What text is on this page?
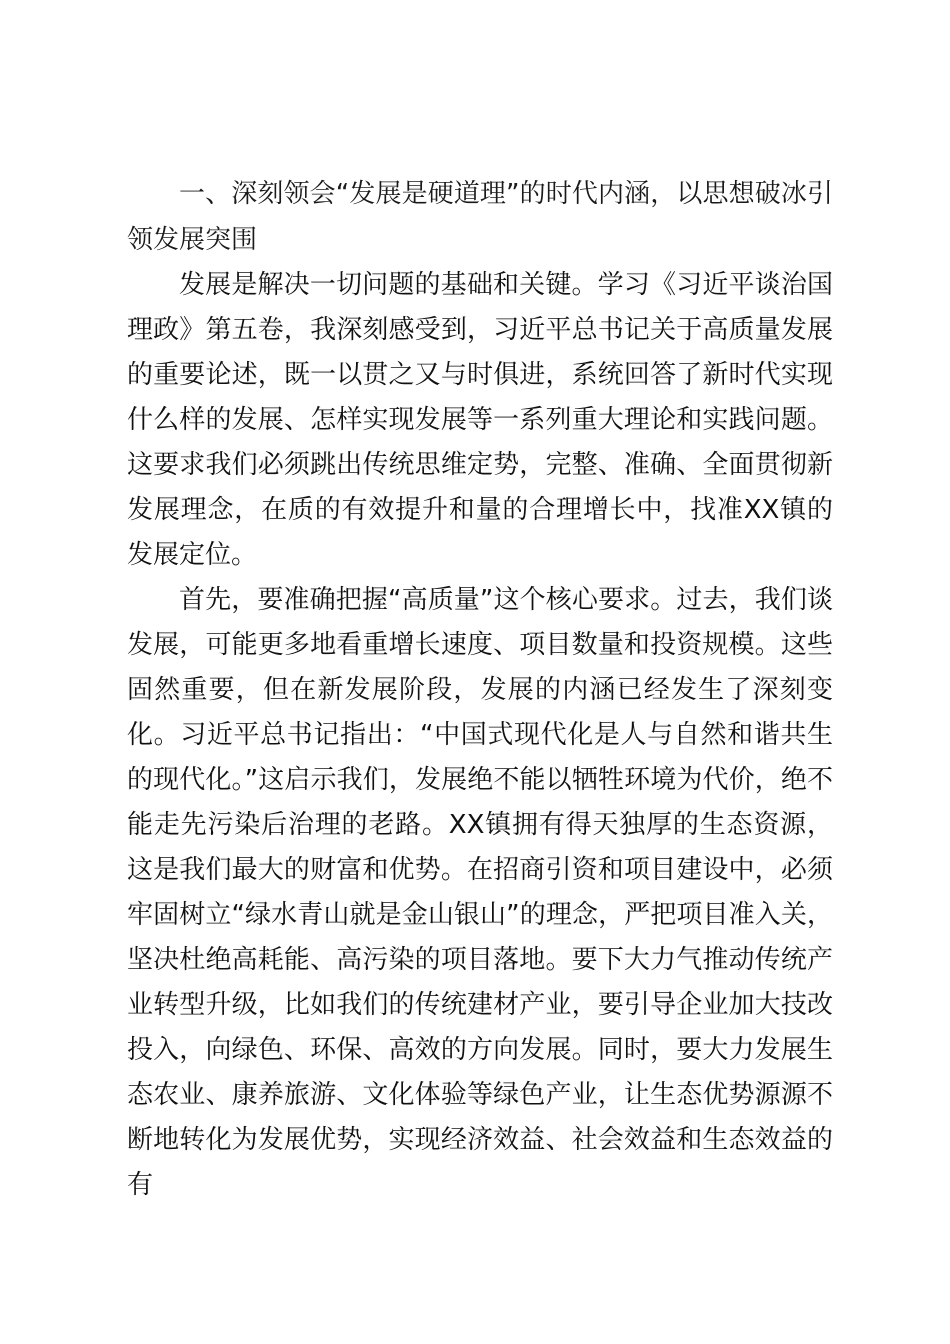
一、深刻领会“发展是硬道理”的时代内涵，以思想破冰引领发展突围

发展是解决一切问题的基础和关键。学习《习近平谈治国理政》第五卷，我深刻感受到，习近平总书记关于高质量发展的重要论述，既一以贯之又与时俱进，系统回答了新时代实现什么样的发展、怎样实现发展等一系列重大理论和实践问题。这要求我们必须跳出传统思维定势，完整、准确、全面贯彻新发展理念，在质的有效提升和量的合理增长中，找准XX镇的发展定位。

首先，要准确把握“高质量”这个核心要求。过去，我们谈发展，可能更多地看重增长速度、项目数量和投资规模。这些固然重要，但在新发展阶段，发展的内涵已经发生了深刻变化。习近平总书记指出：“中国式现代化是人与自然和谐共生的现代化。”这启示我们，发展绝不能以牺牲环境为代价，绝不能走先污染后治理的老路。XX镇拥有得天独厚的生态资源，这是我们最大的财富和优势。在招商引资和项目建设中，必须牢固树立“绿水青山就是金山银山”的理念，严把项目准入关，坚决杜绝高耗能、高污染的项目落地。要下大力气推动传统产业转型升级，比如我们的传统建材产业，要引导企业加大技改投入，向绿色、环保、高效的方向发展。同时，要大力发展生态农业、康养旅游、文化体验等绿色产业，让生态优势源源不断地转化为发展优势，实现经济效益、社会效益和生态效益的有
